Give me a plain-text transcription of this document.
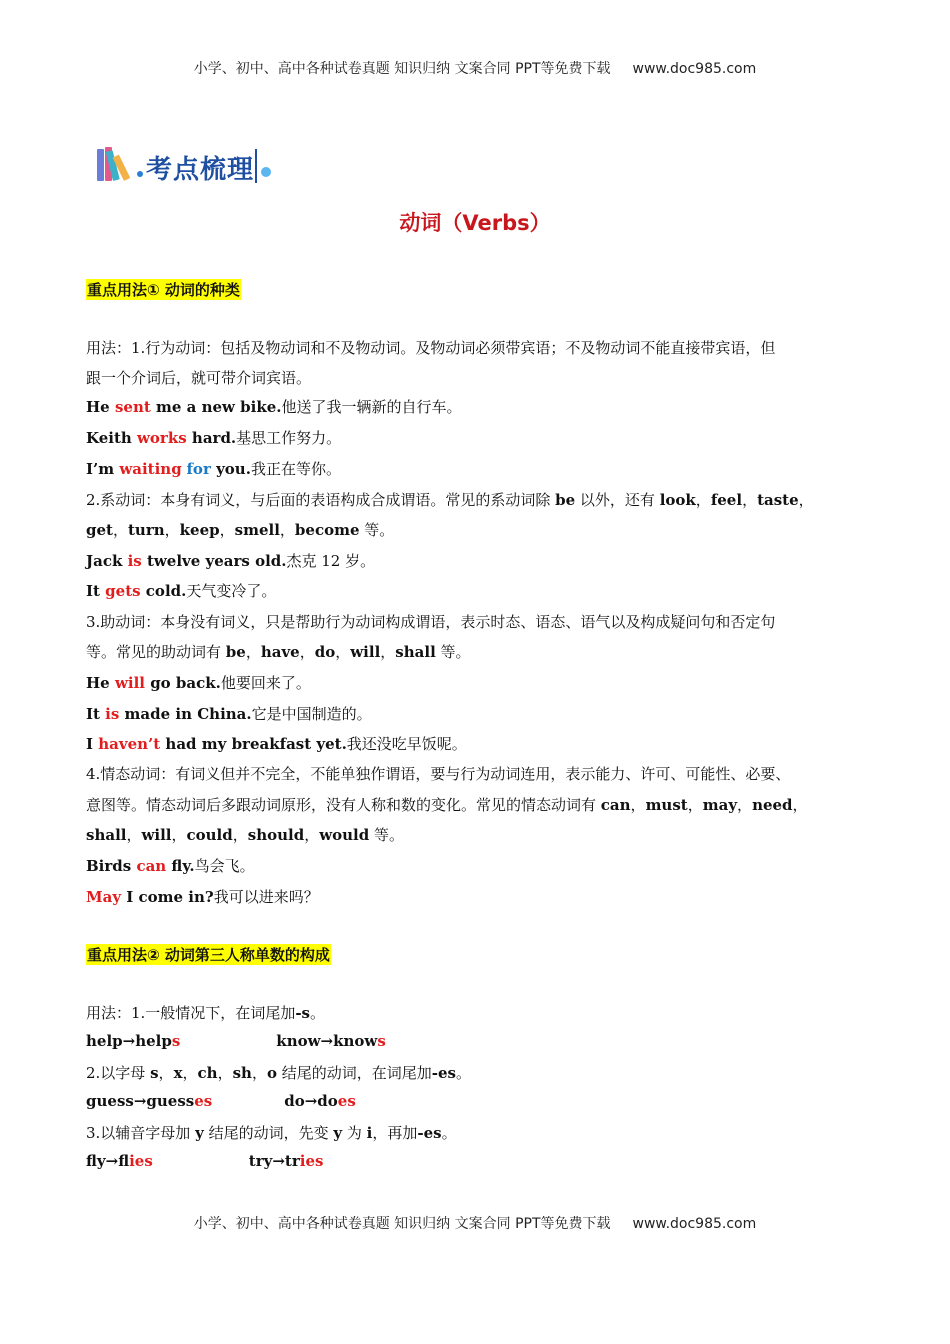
小学、初中、高中各种试卷真题 知识归纳 文案合同 PPT等免费下载 www.doc985.com
考点梳理
动词（Verbs）
重点用法① 动词的种类
用法：1.行为动词：包括及物动词和不及物动词。及物动词必须带宾语；不及物动词不能直接带宾语，但
跟一个介词后，就可带介词宾语。
He sent me a new bike.他送了我一辆新的自行车。
Keith works hard.基思工作努力。
I’m waiting for you.我正在等你。
2.系动词：本身有词义，与后面的表语构成合成谓语。常见的系动词除 be 以外，还有 look，feel，taste，
get，turn，keep，smell，become 等。
Jack is twelve years old.杰克 12 岁。
It gets cold.天气变冷了。
3.助动词：本身没有词义，只是帮助行为动词构成谓语，表示时态、语态、语气以及构成疑问句和否定句
等。常见的助动词有 be，have，do，will，shall 等。
He will go back.他要回来了。
It is made in China.它是中国制造的。
I haven’t had my breakfast yet.我还没吃早饭呢。
4.情态动词：有词义但并不完全，不能单独作谓语，要与行为动词连用，表示能力、许可、可能性、必要、
意图等。情态动词后多跟动词原形，没有人称和数的变化。常见的情态动词有 can，must，may，need，
shall，will，could，should，would 等。
Birds can fly.鸟会飞。
May I come in?我可以进来吗？
重点用法② 动词第三人称单数的构成
用法：1.一般情况下，在词尾加-s。
help→helps	know→knows
2.以字母 s，x，ch，sh，o 结尾的动词，在词尾加-es。
guess→guesses	do→does
3.以辅音字母加 y 结尾的动词，先变 y 为 i，再加-es。
fly→flies	try→tries
小学、初中、高中各种试卷真题 知识归纳 文案合同 PPT等免费下载 www.doc985.com
